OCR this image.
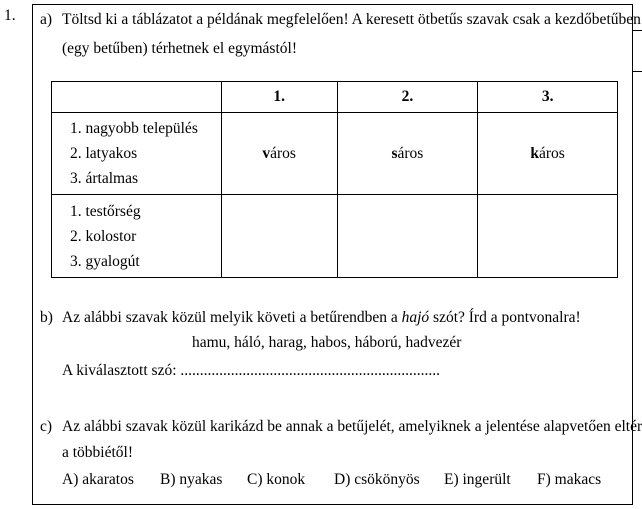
1. a) Töltsd ki a táblázatot a példának megfelelően! A keresett ötbetűs szavak csak a kezdőbetűben
(egy betűben) térhetnek el egymástól!
	1.	2.	3.

1. nagyobb település
2. latyakos
3. ártalmas	város	sáros	káros

1. testőrség
2. kolostor
3. gyalogút			

b) Az alábbi szavak közül melyik követi a betűrendben a hajó szót? Írd a pontvonalra!
hamu, háló, harag, habos, háború, hadvezér
A kiválasztott szó: ...................................................................
c) Az alábbi szavak közül karikázd be annak a betűjelét, amelyiknek a jelentése alapvetően eltér
a többiétől!
A) akaratos B) nyakas C) konok D) csökönyös E) ingerült F) makacs
